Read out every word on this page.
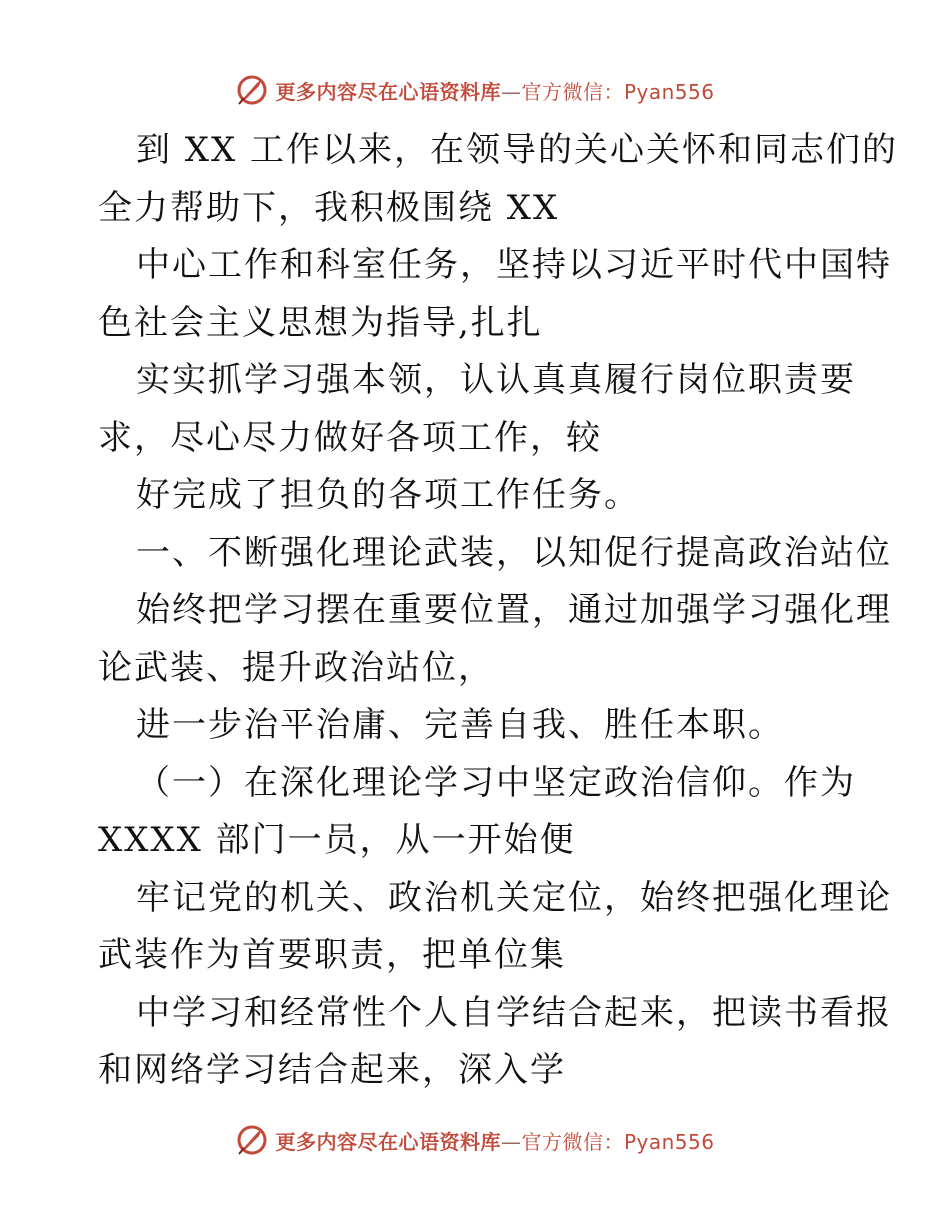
更多内容尽在心语资料库—官方微信：Pyan556
到 XX 工作以来，在领导的关心关怀和同志们的
全力帮助下，我积极围绕 XX
中心工作和科室任务，坚持以习近平时代中国特
色社会主义思想为指导,扎扎
实实抓学习强本领，认认真真履行岗位职责要
求，尽心尽力做好各项工作，较
好完成了担负的各项工作任务。
一、不断强化理论武装，以知促行提高政治站位
始终把学习摆在重要位置，通过加强学习强化理
论武装、提升政治站位，
进一步治平治庸、完善自我、胜任本职。
（一）在深化理论学习中坚定政治信仰。作为
XXXX 部门一员，从一开始便
牢记党的机关、政治机关定位，始终把强化理论
武装作为首要职责，把单位集
中学习和经常性个人自学结合起来，把读书看报
和网络学习结合起来，深入学
更多内容尽在心语资料库—官方微信：Pyan556
